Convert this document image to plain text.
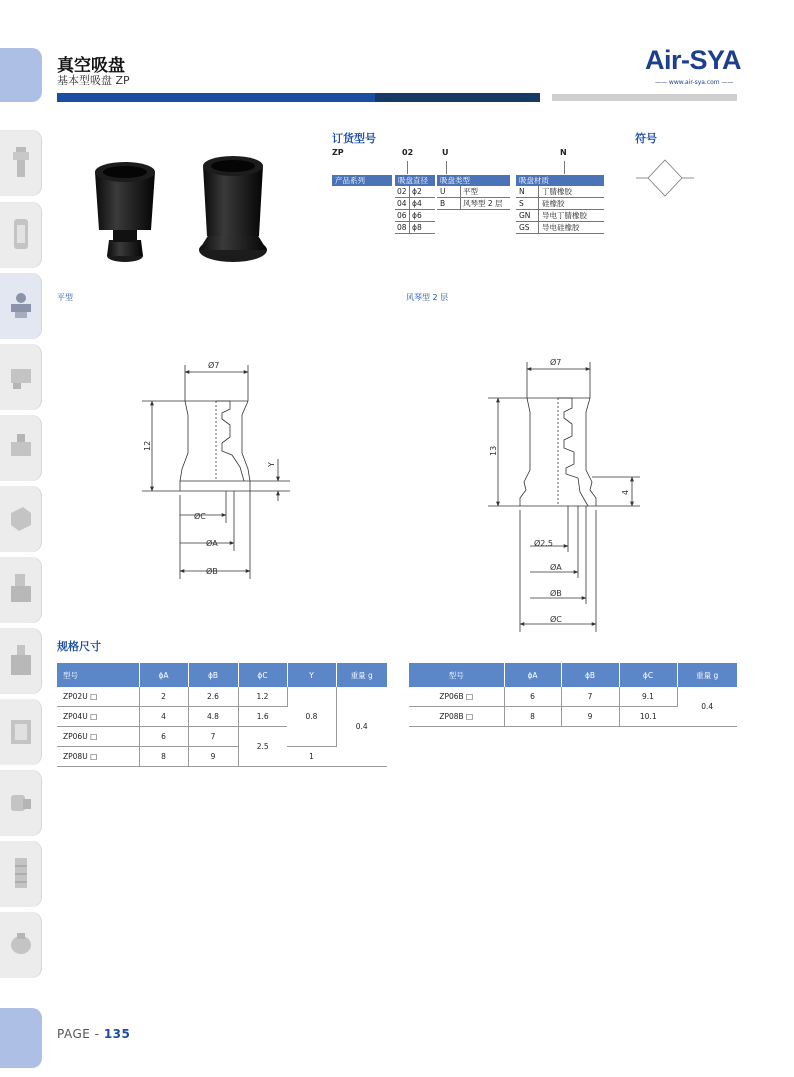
真空吸盘
基本型吸盘 ZP
Air-SYA
—— www.air-sya.com ——
订货型号
ZP	02	U	N
产品系列	吸盘直径	吸盘类型	吸盘材质
02 ϕ2
04 ϕ4
06 ϕ6
08 ϕ8
U 平型
B 风琴型 2 层
N 丁腈橡胶
S 硅橡胶
GN 导电丁腈橡胶
GS 导电硅橡胶
符号
平型	风琴型 2 层
Ø7
12
Y
ØC
ØA
ØB
Ø7
13
4
Ø2.5
ØA
ØB
ØC
规格尺寸
型号	ϕA	ϕB	ϕC	Y	重量 g
ZP02U □	2	2.6	1.2	0.8	0.4
ZP04U □	4	4.8	1.6		
ZP06U □	6	7	2.5		
ZP08U □	8	9		1	
型号	ϕA	ϕB	ϕC	重量 g
ZP06B □	6	7	9.1	0.4
ZP08B □	8	9	10.1	
PAGE - 135
